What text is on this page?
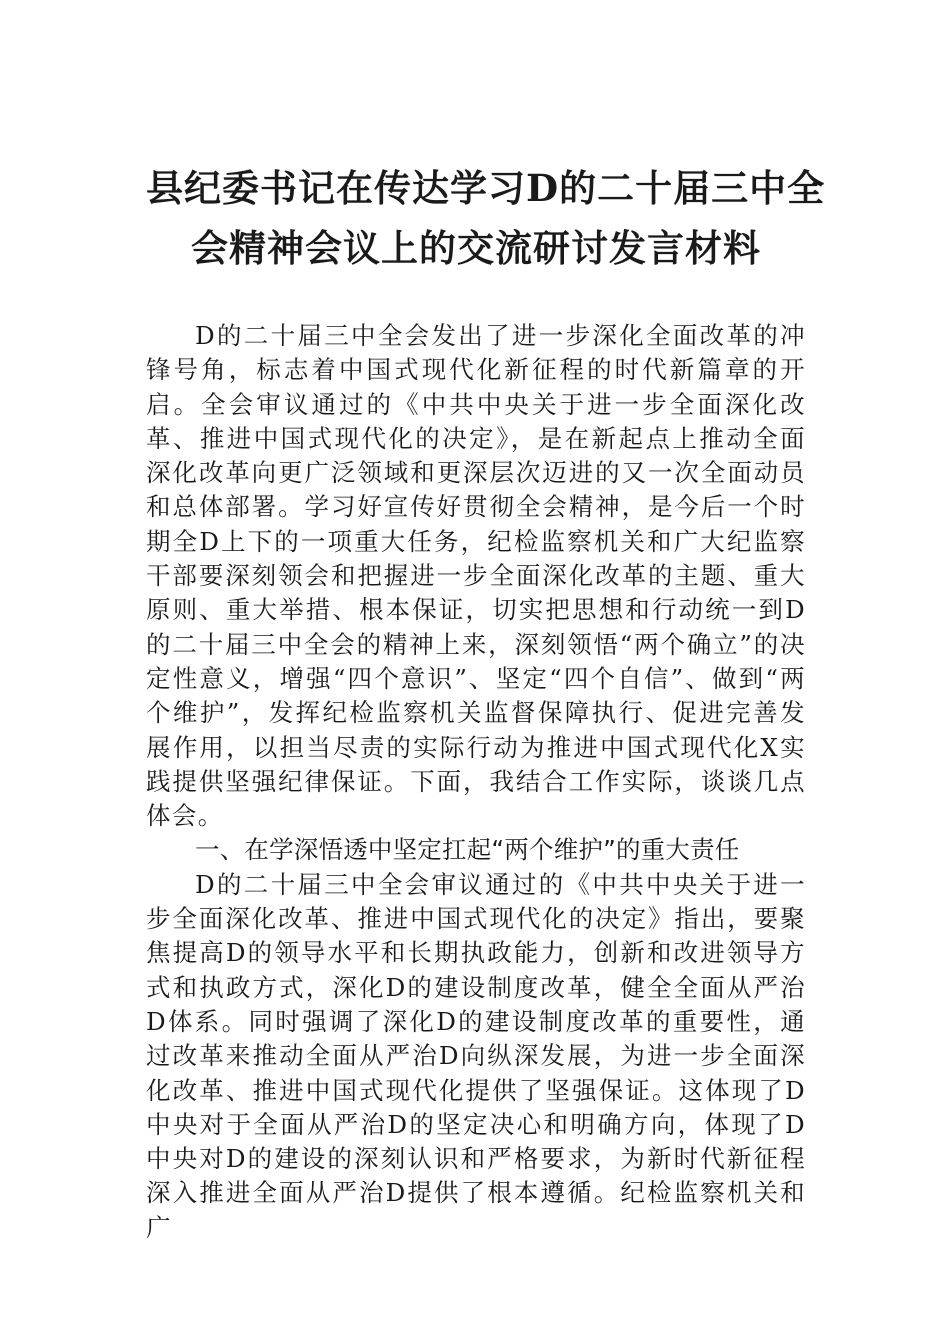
县纪委书记在传达学习D的二十届三中全
会精神会议上的交流研讨发言材料

D的二十届三中全会发出了进一步深化全面改革的冲锋号角，标志着中国式现代化新征程的时代新篇章的开启。全会审议通过的《中共中央关于进一步全面深化改革、推进中国式现代化的决定》，是在新起点上推动全面深化改革向更广泛领域和更深层次迈进的又一次全面动员和总体部署。学习好宣传好贯彻全会精神，是今后一个时期全D上下的一项重大任务，纪检监察机关和广大纪监察干部要深刻领会和把握进一步全面深化改革的主题、重大原则、重大举措、根本保证，切实把思想和行动统一到D的二十届三中全会的精神上来，深刻领悟“两个确立”的决定性意义，增强“四个意识”、坚定“四个自信”、做到“两个维护”，发挥纪检监察机关监督保障执行、促进完善发展作用，以担当尽责的实际行动为推进中国式现代化X实践提供坚强纪律保证。下面，我结合工作实际，谈谈几点体会。

一、在学深悟透中坚定扛起“两个维护”的重大责任

D的二十届三中全会审议通过的《中共中央关于进一步全面深化改革、推进中国式现代化的决定》指出，要聚焦提高D的领导水平和长期执政能力，创新和改进领导方式和执政方式，深化D的建设制度改革，健全全面从严治D体系。同时强调了深化D的建设制度改革的重要性，通过改革来推动全面从严治D向纵深发展，为进一步全面深化改革、推进中国式现代化提供了坚强保证。这体现了D中央对于全面从严治D的坚定决心和明确方向，体现了D中央对D的建设的深刻认识和严格要求，为新时代新征程深入推进全面从严治D提供了根本遵循。纪检监察机关和广
